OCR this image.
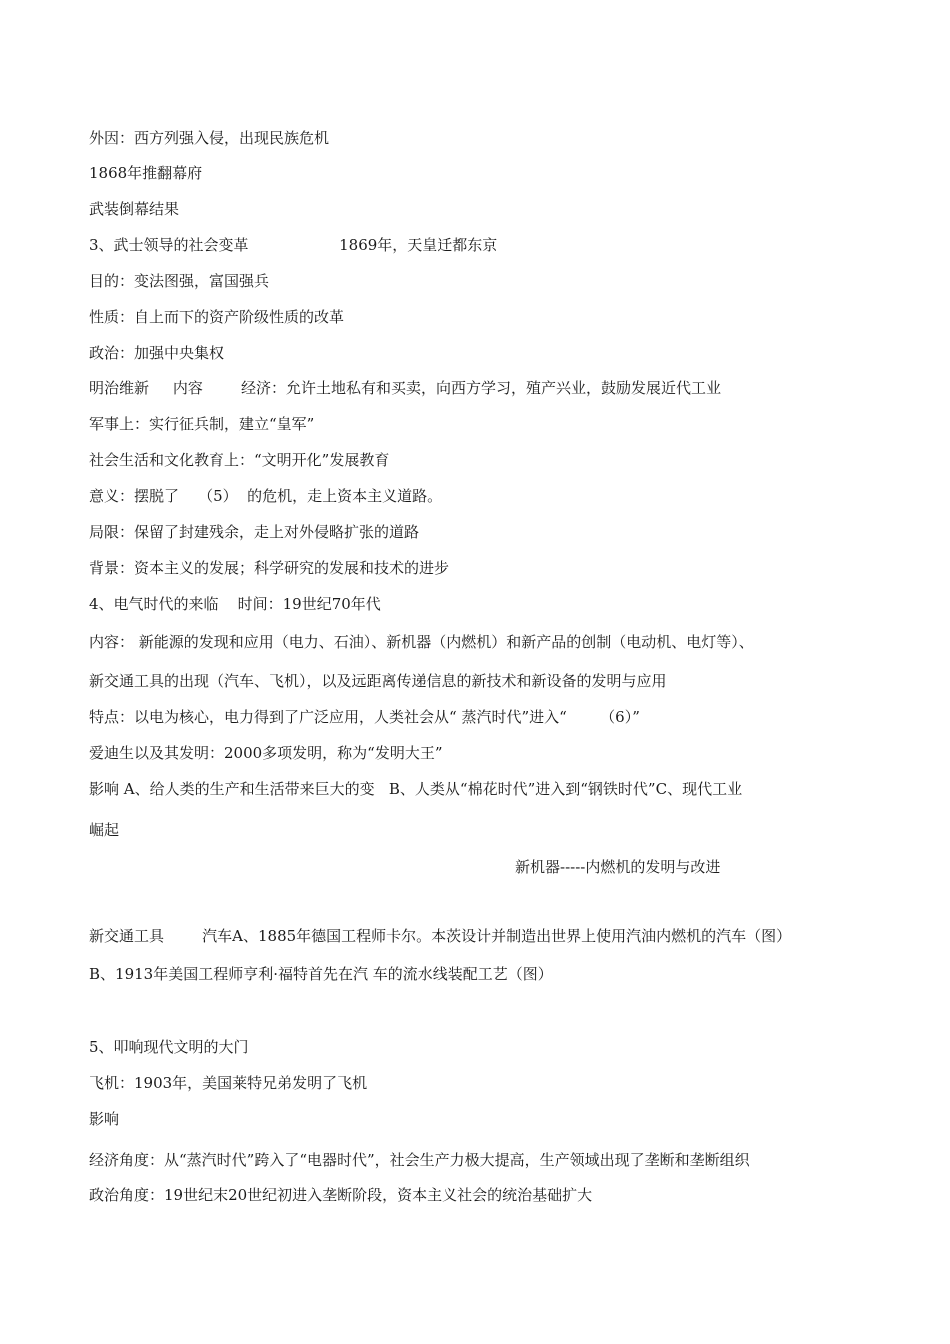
外因：西方列强入侵，出现民族危机
1868年推翻幕府
武装倒幕结果
3、武士领导的社会变革                   1869年，天皇迁都东京
目的：变法图强，富国强兵
性质：自上而下的资产阶级性质的改革
政治：加强中央集权
明治维新     内容        经济：允许土地私有和买卖，向西方学习，殖产兴业，鼓励发展近代工业
军事上：实行征兵制，建立“皇军”
社会生活和文化教育上：“文明开化”发展教育
意义：摆脱了    （5）  的危机，走上资本主义道路。
局限：保留了封建残余，走上对外侵略扩张的道路
背景：资本主义的发展；科学研究的发展和技术的进步
4、电气时代的来临    时间：19世纪70年代
内容： 新能源的发现和应用（电力、石油）、新机器（内燃机）和新产品的创制（电动机、电灯等）、
新交通工具的出现（汽车、飞机），以及远距离传递信息的新技术和新设备的发明与应用
特点：以电为核心，电力得到了广泛应用，人类社会从“ 蒸汽时代”进入“       （6）”
爱迪生以及其发明：2000多项发明，称为“发明大王”
影响 A、给人类的生产和生活带来巨大的变   B、人类从“棉花时代”进入到“钢铁时代”C、现代工业
崛起
新机器-----内燃机的发明与改进
新交通工具        汽车A、1885年德国工程师卡尔。本茨设计并制造出世界上使用汽油内燃机的汽车（图）
B、1913年美国工程师亨利·福特首先在汽 车的流水线装配工艺（图）
5、叩响现代文明的大门
飞机：1903年，美国莱特兄弟发明了飞机
影响
经济角度：从“蒸汽时代”跨入了“电器时代”，社会生产力极大提高，生产领域出现了垄断和垄断组织
政治角度：19世纪末20世纪初进入垄断阶段，资本主义社会的统治基础扩大
